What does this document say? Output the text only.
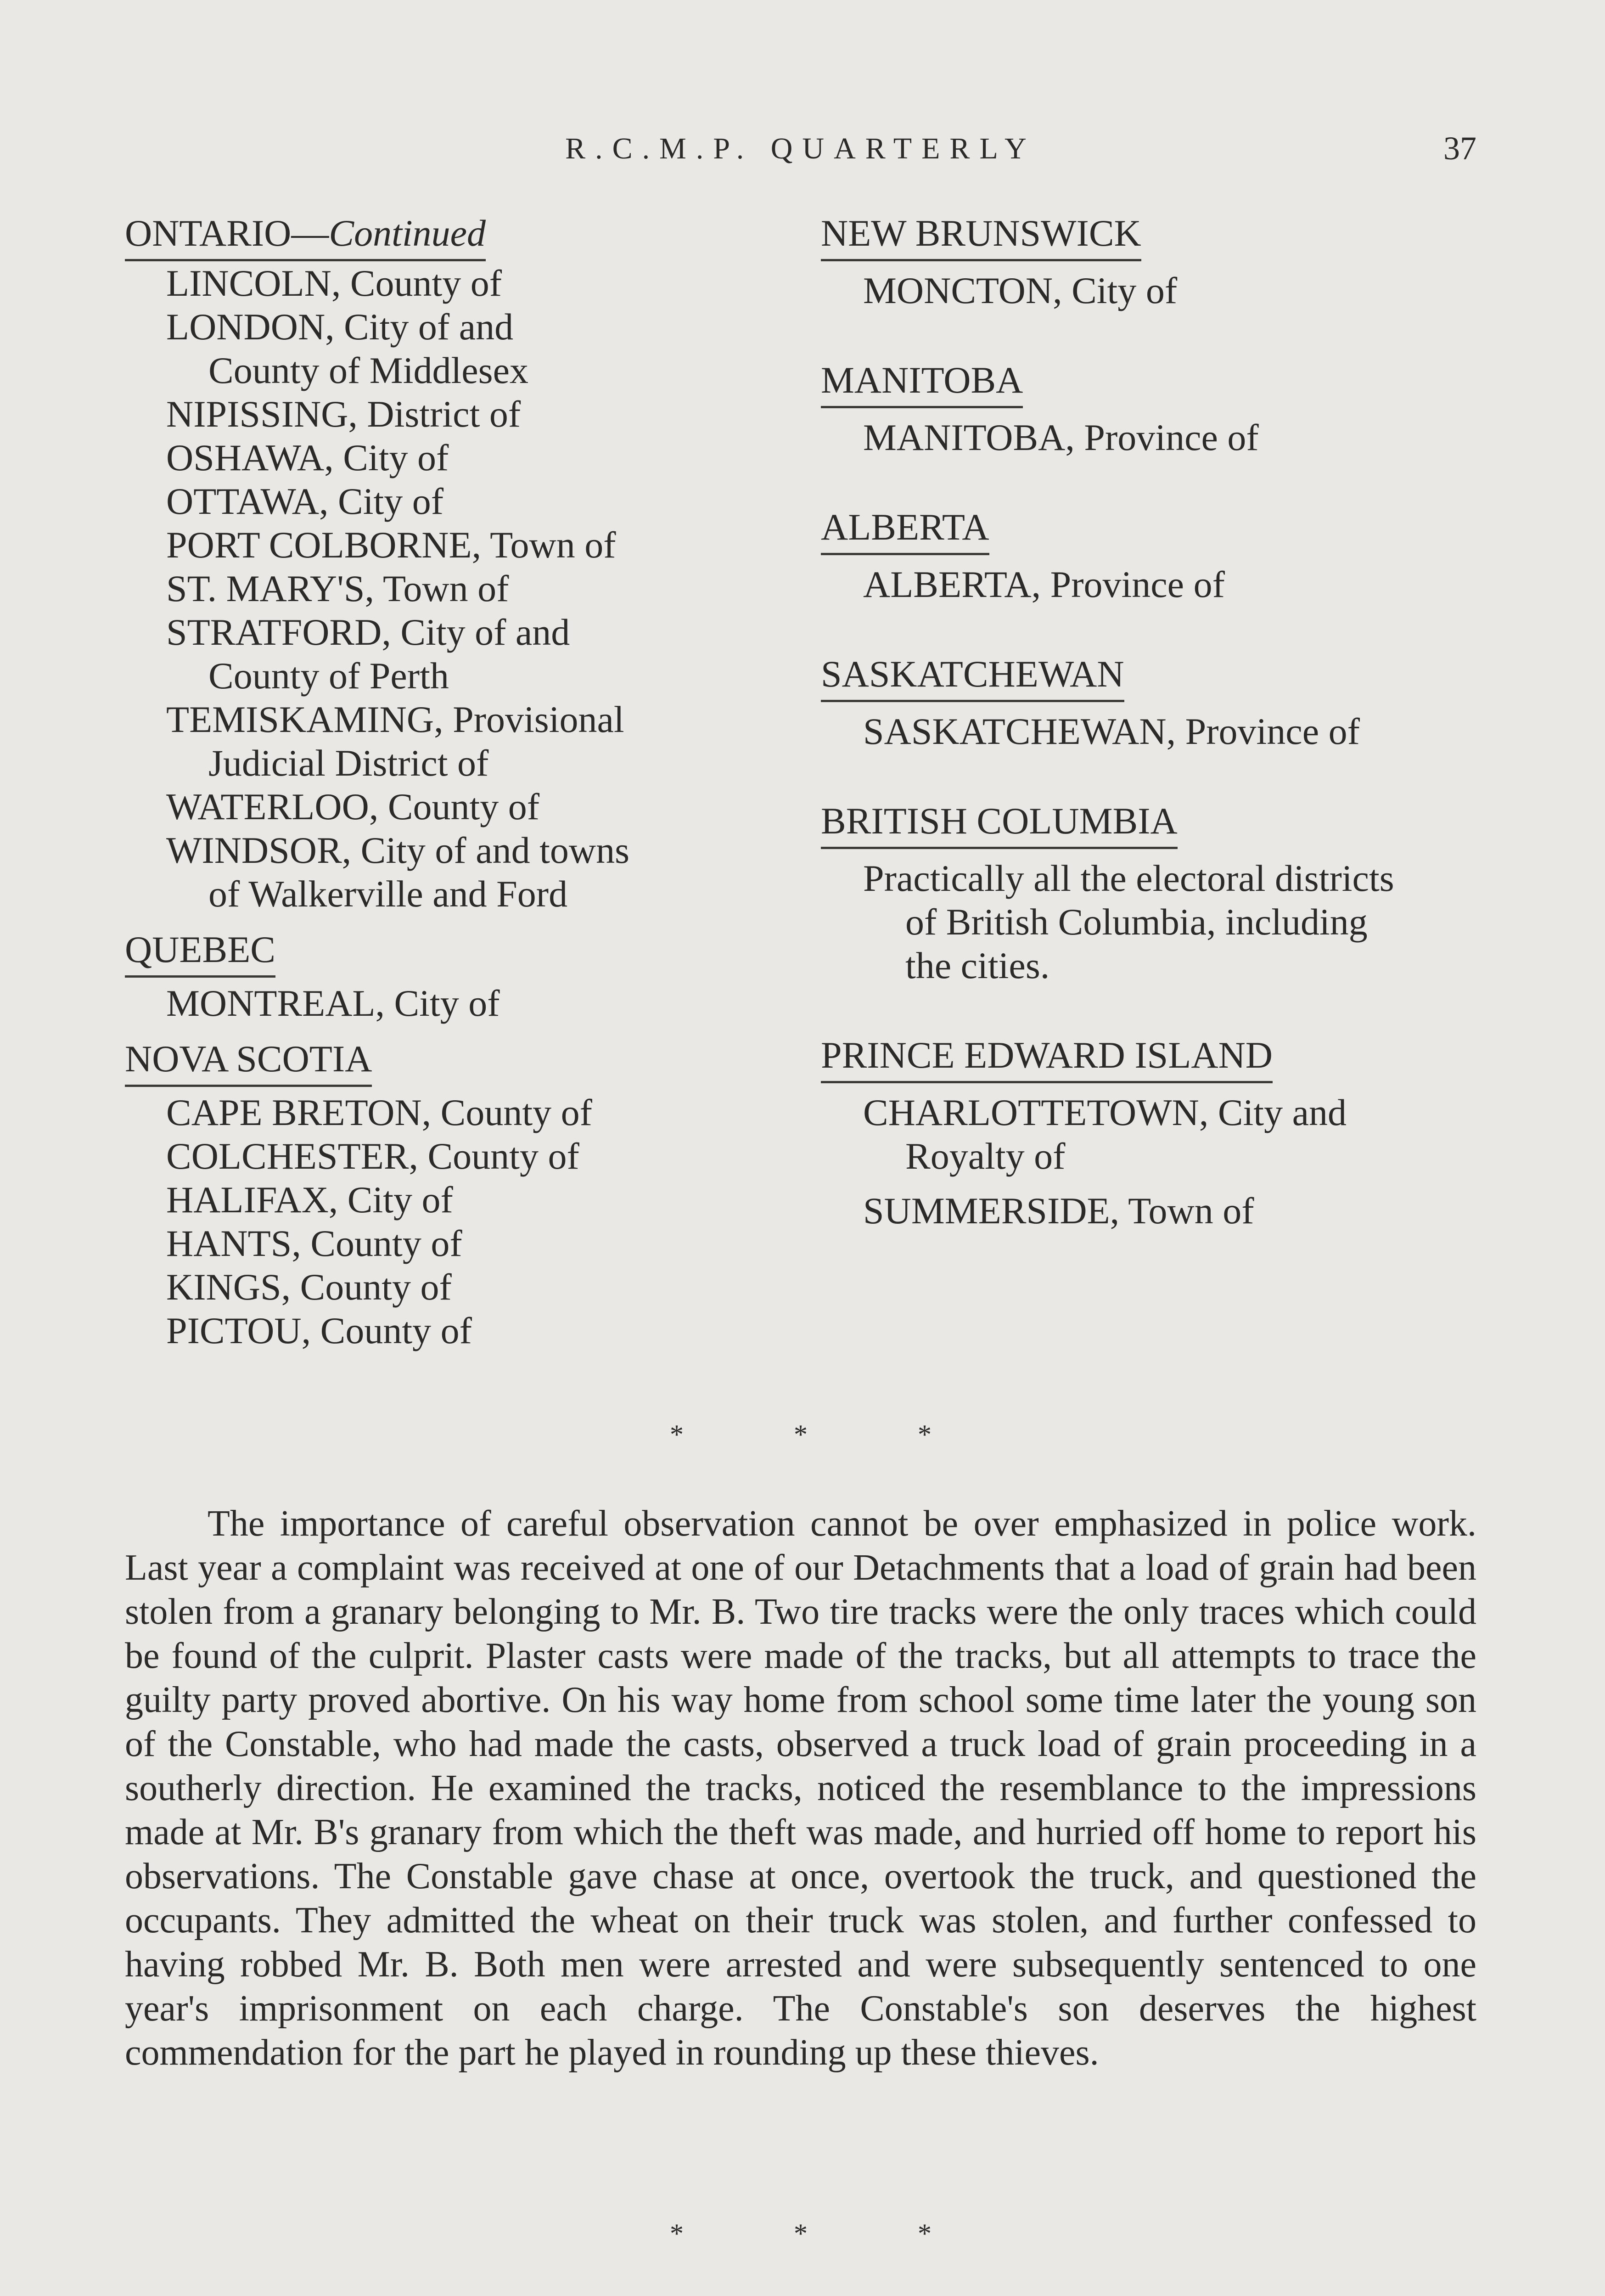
R.C.M.P. QUARTERLY	37
ONTARIO—Continued
LINCOLN, County of
LONDON, City of and
County of Middlesex
NIPISSING, District of
OSHAWA, City of
OTTAWA, City of
PORT COLBORNE, Town of
ST. MARY'S, Town of
STRATFORD, City of and
County of Perth
TEMISKAMING, Provisional
Judicial District of
WATERLOO, County of
WINDSOR, City of and towns
of Walkerville and Ford
QUEBEC
MONTREAL, City of
NOVA SCOTIA
CAPE BRETON, County of
COLCHESTER, County of
HALIFAX, City of
HANTS, County of
KINGS, County of
PICTOU, County of
NEW BRUNSWICK
MONCTON, City of
MANITOBA
MANITOBA, Province of
ALBERTA
ALBERTA, Province of
SASKATCHEWAN
SASKATCHEWAN, Province of
BRITISH COLUMBIA
Practically all the electoral districts
of British Columbia, including
the cities.
PRINCE EDWARD ISLAND
CHARLOTTETOWN, City and
Royalty of
SUMMERSIDE, Town of
*	*	*

The importance of careful observation cannot be over emphasized in police work. Last year a complaint was received at one of our Detachments that a load of grain had been stolen from a granary belonging to Mr. B. Two tire tracks were the only traces which could be found of the culprit. Plaster casts were made of the tracks, but all attempts to trace the guilty party proved abortive. On his way home from school some time later the young son of the Constable, who had made the casts, observed a truck load of grain proceeding in a southerly direction. He examined the tracks, noticed the resemblance to the impressions made at Mr. B's granary from which the theft was made, and hurried off home to report his observations. The Constable gave chase at once, overtook the truck, and questioned the occupants. They admitted the wheat on their truck was stolen, and further confessed to having robbed Mr. B. Both men were arrested and were subsequently sentenced to one year's imprisonment on each charge. The Constable's son deserves the highest commendation for the part he played in rounding up these thieves.

*	*	*
